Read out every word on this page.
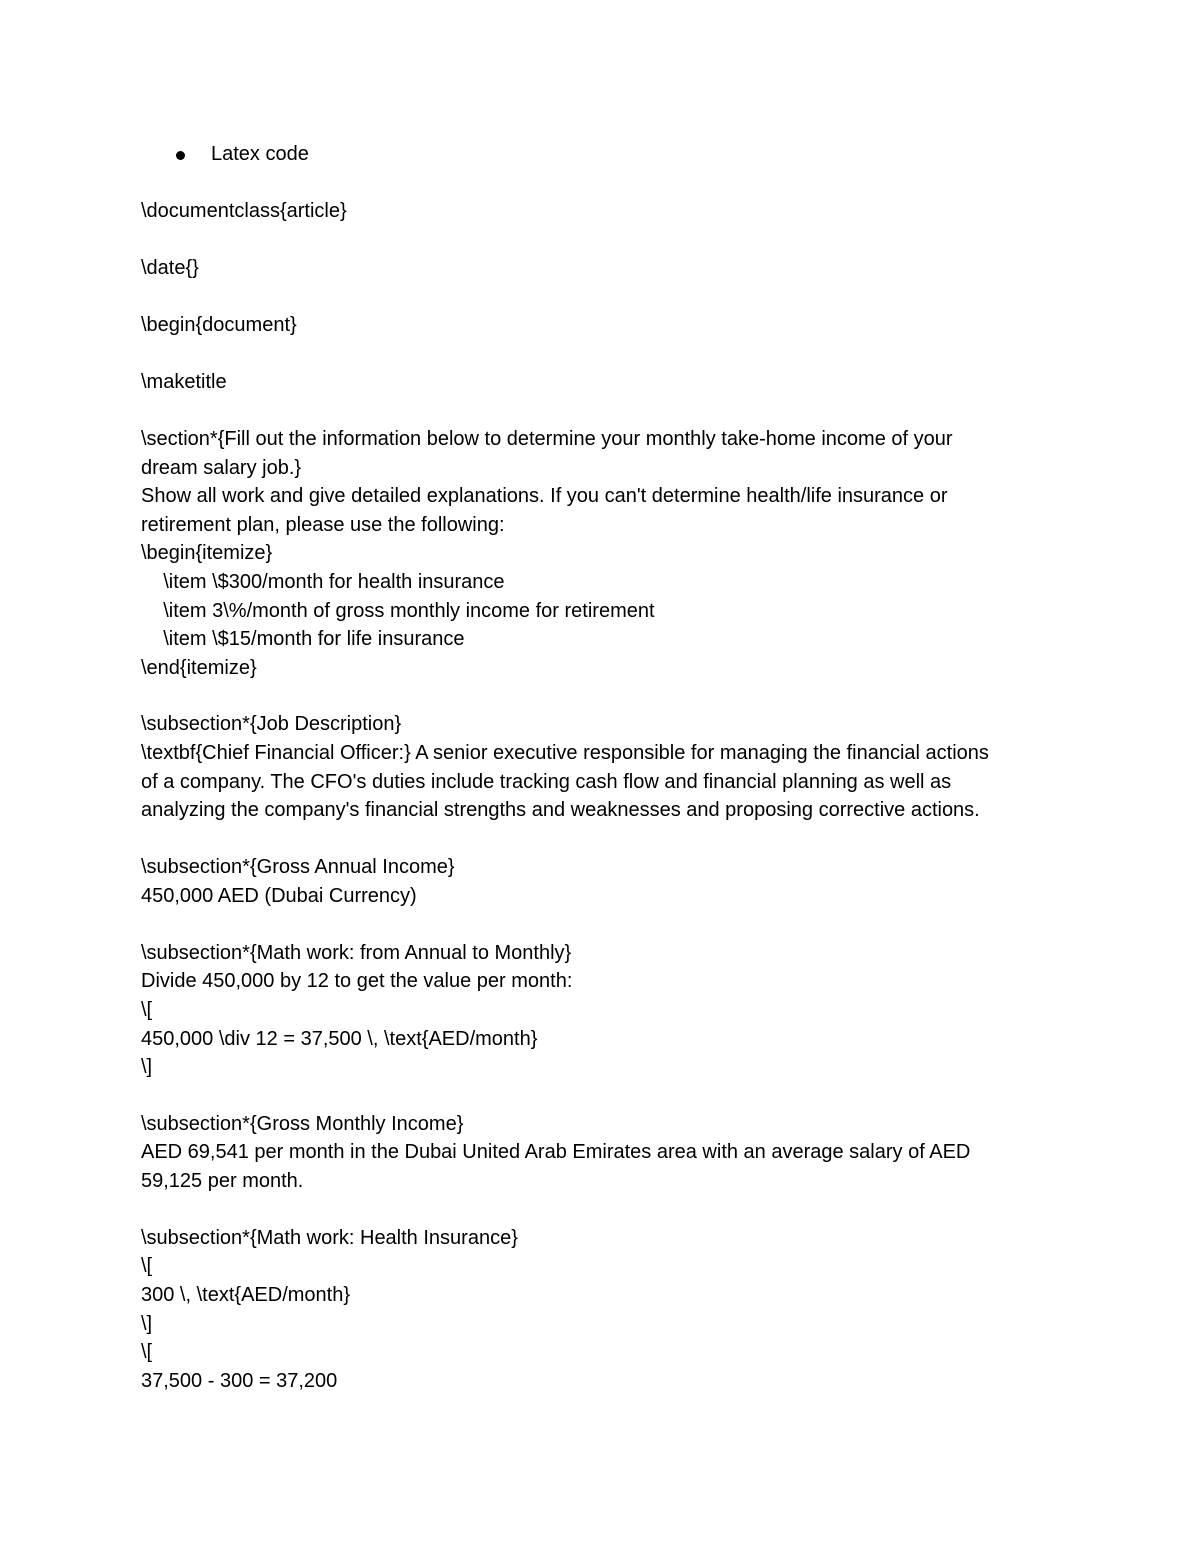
Latex code
\documentclass{article}
\date{}
\begin{document}
\maketitle
\section*{Fill out the information below to determine your monthly take-home income of your
dream salary job.}
Show all work and give detailed explanations. If you can't determine health/life insurance or
retirement plan, please use the following:
\begin{itemize}
\item \$300/month for health insurance
\item 3\%/month of gross monthly income for retirement
\item \$15/month for life insurance
\end{itemize}
\subsection*{Job Description}
\textbf{Chief Financial Officer:} A senior executive responsible for managing the financial actions
of a company. The CFO's duties include tracking cash flow and financial planning as well as
analyzing the company's financial strengths and weaknesses and proposing corrective actions.
\subsection*{Gross Annual Income}
450,000 AED (Dubai Currency)
\subsection*{Math work: from Annual to Monthly}
Divide 450,000 by 12 to get the value per month:
\[
450,000 \div 12 = 37,500 \, \text{AED/month}
\]
\subsection*{Gross Monthly Income}
AED 69,541 per month in the Dubai United Arab Emirates area with an average salary of AED
59,125 per month.
\subsection*{Math work: Health Insurance}
\[
300 \, \text{AED/month}
\]
\[
37,500 - 300 = 37,200
